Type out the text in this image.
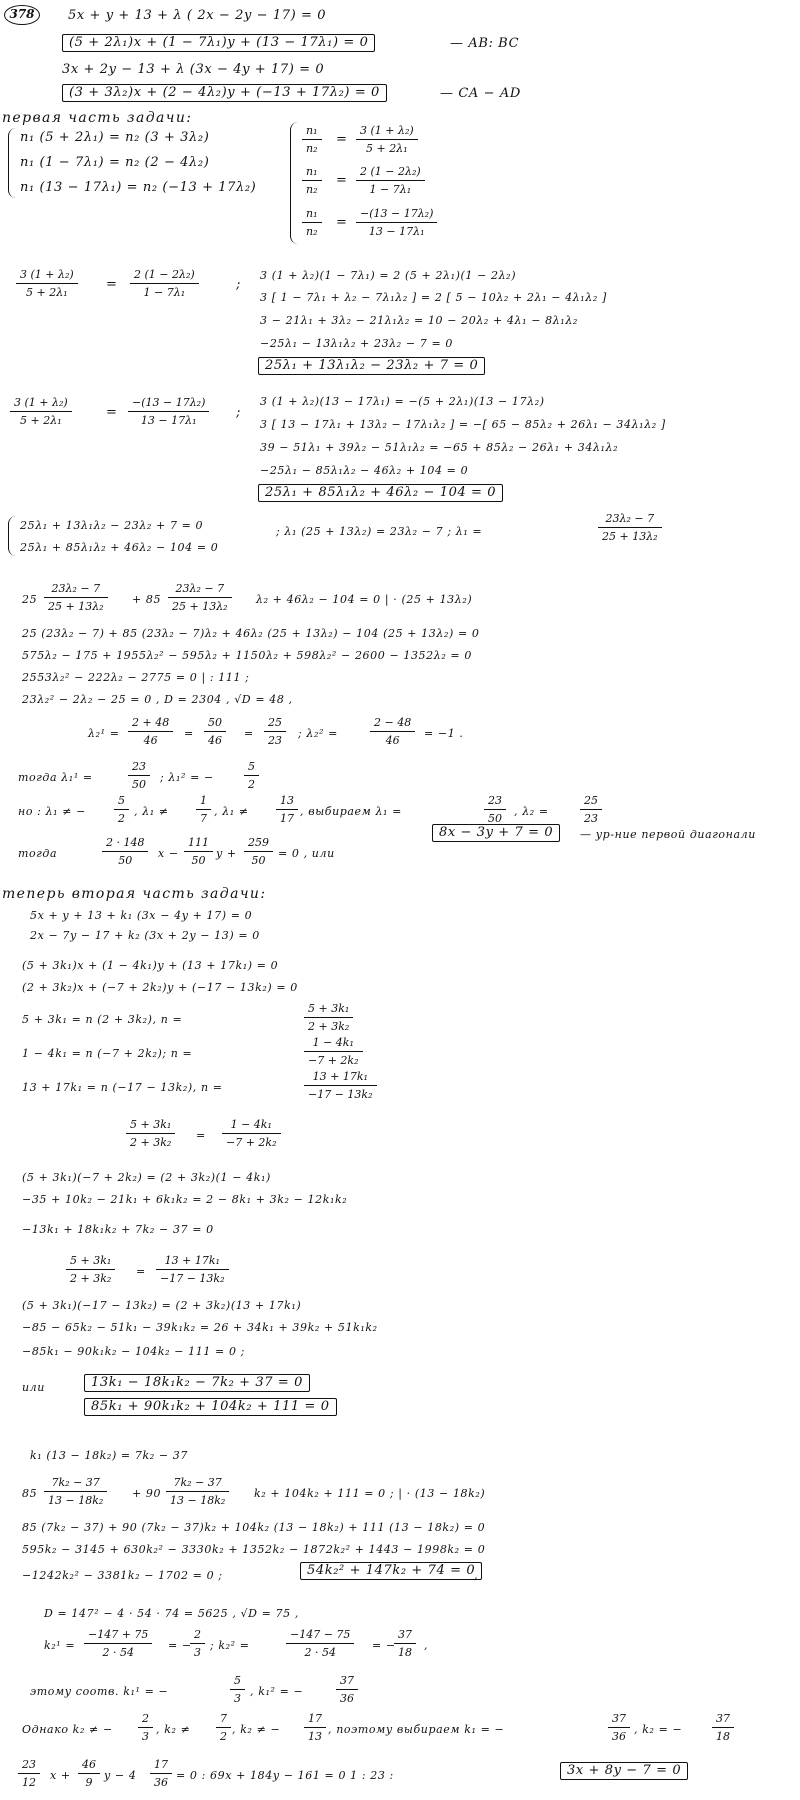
378	5x + y + 13 + λ ( 2x − 2y − 17) = 0
(5 + 2λ₁)x + (1 − 7λ₁)y + (13 − 17λ₁) = 0	— AB: BC
3x + 2y − 13 + λ (3x − 4y + 17) = 0
(3 + 3λ₂)x + (2 − 4λ₂)y + (−13 + 17λ₂) = 0	— CA − AD
первая часть задачи:
n₁ (5 + 2λ₁) = n₂ (3 + 3λ₂)
n₁ (1 − 7λ₁) = n₂ (2 − 4λ₂)
n₁ (13 − 17λ₁) = n₂ (−13 + 17λ₂)
$\frac{\text{n₁}}{\text{n₂}} = \frac{\text{3 (1 + λ₂)}}{\text{5 + 2λ₁}}$
$\frac{\text{n₁}}{\text{n₂}} = \frac{\text{2 (1 − 2λ₂)}}{\text{1 − 7λ₁}}$
$\frac{\text{n₁}}{\text{n₂}} = \frac{\text{−(13 − 17λ₂)}}{\text{13 − 17λ₁}}$
$\frac{\text{3 (1 + λ₂)}}{\text{5 + 2λ₁}} = \frac{\text{2 (1 − 2λ₂)}}{\text{1 − 7λ₁}}$	;
3 (1 + λ₂)(1 − 7λ₁) = 2 (5 + 2λ₁)(1 − 2λ₂)
3 [ 1 − 7λ₁ + λ₂ − 7λ₁λ₂ ] = 2 [ 5 − 10λ₂ + 2λ₁ − 4λ₁λ₂ ]
3 − 21λ₁ + 3λ₂ − 21λ₁λ₂ = 10 − 20λ₂ + 4λ₁ − 8λ₁λ₂
−25λ₁ − 13λ₁λ₂ + 23λ₂ − 7 = 0
25λ₁ + 13λ₁λ₂ − 23λ₂ + 7 = 0
$\frac{\text{3 (1 + λ₂)}}{\text{5 + 2λ₁}}$	= $\frac{\text{−(13 − 17λ₂)}}{\text{13 − 17λ₁}}$ ;
3 (1 + λ₂)(13 − 17λ₁) = −(5 + 2λ₁)(13 − 17λ₂)
3 [ 13 − 17λ₁ + 13λ₂ − 17λ₁λ₂ ] = −[ 65 − 85λ₂ + 26λ₁ − 34λ₁λ₂ ]
39 − 51λ₁ + 39λ₂ − 51λ₁λ₂ = −65 + 85λ₂ − 26λ₁ + 34λ₁λ₂
−25λ₁ − 85λ₁λ₂ − 46λ₂ + 104 = 0
25λ₁ + 85λ₁λ₂ + 46λ₂ − 104 = 0
25λ₁ + 13λ₁λ₂ − 23λ₂ + 7 = 0
25λ₁ + 85λ₁λ₂ + 46λ₂ − 104 = 0
; λ₁ (25 + 13λ₂) = 23λ₂ − 7 ; λ₁ =	$\frac{\text{23λ₂ − 7}}{\text{25 + 13λ₂}}$
$25 \frac{\text{23λ₂ − 7}}{\text{25 + 13λ₂}} + 85 \frac{\text{23λ₂ − 7}}{\text{25 + 13λ₂}} \lambda_2 + 46\lambda_2 - 104 = 0$ | · (25 + 13λ₂)
25 (23λ₂ − 7) + 85 (23λ₂ − 7)λ₂ + 46λ₂ (25 + 13λ₂) − 104 (25 + 13λ₂) = 0
575λ₂ − 175 + 1955λ₂² − 595λ₂ + 1150λ₂ + 598λ₂² − 2600 − 1352λ₂ = 0
2553λ₂² − 222λ₂ − 2775 = 0 | : 111 ;
23λ₂² − 2λ₂ − 25 = 0 , D = 2304 , √D = 48 ,
$\lambda_2^1 = \frac{2 + 48}{46} = \frac{50}{46} = \frac{25}{23}$ ; λ₂² =	$\frac{2 - 48}{46} = -1$ .
тогда λ₁¹ =	$\frac{23}{50}$ ; λ₁² = −	$\frac{5}{2}$
но : λ₁ ≠ −	$\frac{5}{2}$ , $\lambda_1 \ne \frac{1}{7}$ , $\lambda_1 \ne \frac{13}{17}$ , выбираем λ₁ =	$\frac{23}{50}$ , λ₂ =	$\frac{25}{23}$
тогда	$\frac{2 \cdot 148}{50}$ $x - \frac{111}{50}$ $y + \frac{259}{50} = 0$ , или
8x − 3y + 7 = 0	— ур-ние первой диагонали
теперь вторая часть задачи:
5x + y + 13 + k₁ (3x − 4y + 17) = 0
2x − 7y − 17 + k₂ (3x + 2y − 13) = 0
(5 + 3k₁)x + (1 − 4k₁)y + (13 + 17k₁) = 0
(2 + 3k₂)x + (−7 + 2k₂)y + (−17 − 13k₂) = 0
5 + 3k₁ = n (2 + 3k₂), n =	$\frac{\text{5 + 3k₁}}{\text{2 + 3k₂}}$
1 − 4k₁ = n (−7 + 2k₂); n =	$\frac{\text{1 − 4k₁}}{\text{−7 + 2k₂}}$
13 + 17k₁ = n (−17 − 13k₂), n =	$\frac{\text{13 + 17k₁}}{\text{−17 − 13k₂}}$
$\frac{\text{5 + 3k₁}}{\text{2 + 3k₂}} = \frac{\text{1 − 4k₁}}{\text{−7 + 2k₂}}$
(5 + 3k₁)(−7 + 2k₂) = (2 + 3k₂)(1 − 4k₁)
−35 + 10k₂ − 21k₁ + 6k₁k₂ = 2 − 8k₁ + 3k₂ − 12k₁k₂
−13k₁ + 18k₁k₂ + 7k₂ − 37 = 0
$\frac{\text{5 + 3k₁}}{\text{2 + 3k₂}} = \frac{\text{13 + 17k₁}}{\text{−17 − 13k₂}}$
(5 + 3k₁)(−17 − 13k₂) = (2 + 3k₂)(13 + 17k₁)
−85 − 65k₂ − 51k₁ − 39k₁k₂ = 26 + 34k₁ + 39k₂ + 51k₁k₂
−85k₁ − 90k₁k₂ − 104k₂ − 111 = 0 ;
или	13k₁ − 18k₁k₂ − 7k₂ + 37 = 0
85k₁ + 90k₁k₂ + 104k₂ + 111 = 0
k₁ (13 − 18k₂) = 7k₂ − 37
$85 \frac{\text{7k₂ − 37}}{\text{13 − 18k₂}} + 90 \frac{\text{7k₂ − 37}}{\text{13 − 18k₂}} k_2 + 104k_2 + 111 = 0$ ; | · (13 − 18k₂)
85 (7k₂ − 37) + 90 (7k₂ − 37)k₂ + 104k₂ (13 − 18k₂) + 111 (13 − 18k₂) = 0
595k₂ − 3145 + 630k₂² − 3330k₂ + 1352k₂ − 1872k₂² + 1443 − 1998k₂ = 0
−1242k₂² − 3381k₂ − 1702 = 0 ;	54k₂² + 147k₂ + 74 = 0
,
D = 147² − 4 · 54 · 74 = 5625 , √D = 75 ,
$k_2^1 = \frac{-147 + 75}{2 \cdot 54}$ = −
$\frac{2}{3}$ ; k₂² =	$\frac{-147 - 75}{2 \cdot 54}$ = −
$\frac{37}{18}$ ,
этому соотв. k₁¹ = −	$\frac{5}{3}$ , k₁² = −	$\frac{37}{36}$
Однако k₂ ≠ − $\frac{2}{3}$ , $k_2 \ne \frac{7}{2}$ , k₂ ≠ − $\frac{17}{13}$ , поэтому выбираем k₁ = −	$\frac{37}{36}$ , k₂ = −	$\frac{37}{18}$
$\frac{23}{12}$ $x + \frac{46}{9}$ $y - 4 \frac{17}{36} = 0$ : 69x + 184y − 161 = 0 1 : 23 :	3x + 8y − 7 = 0
